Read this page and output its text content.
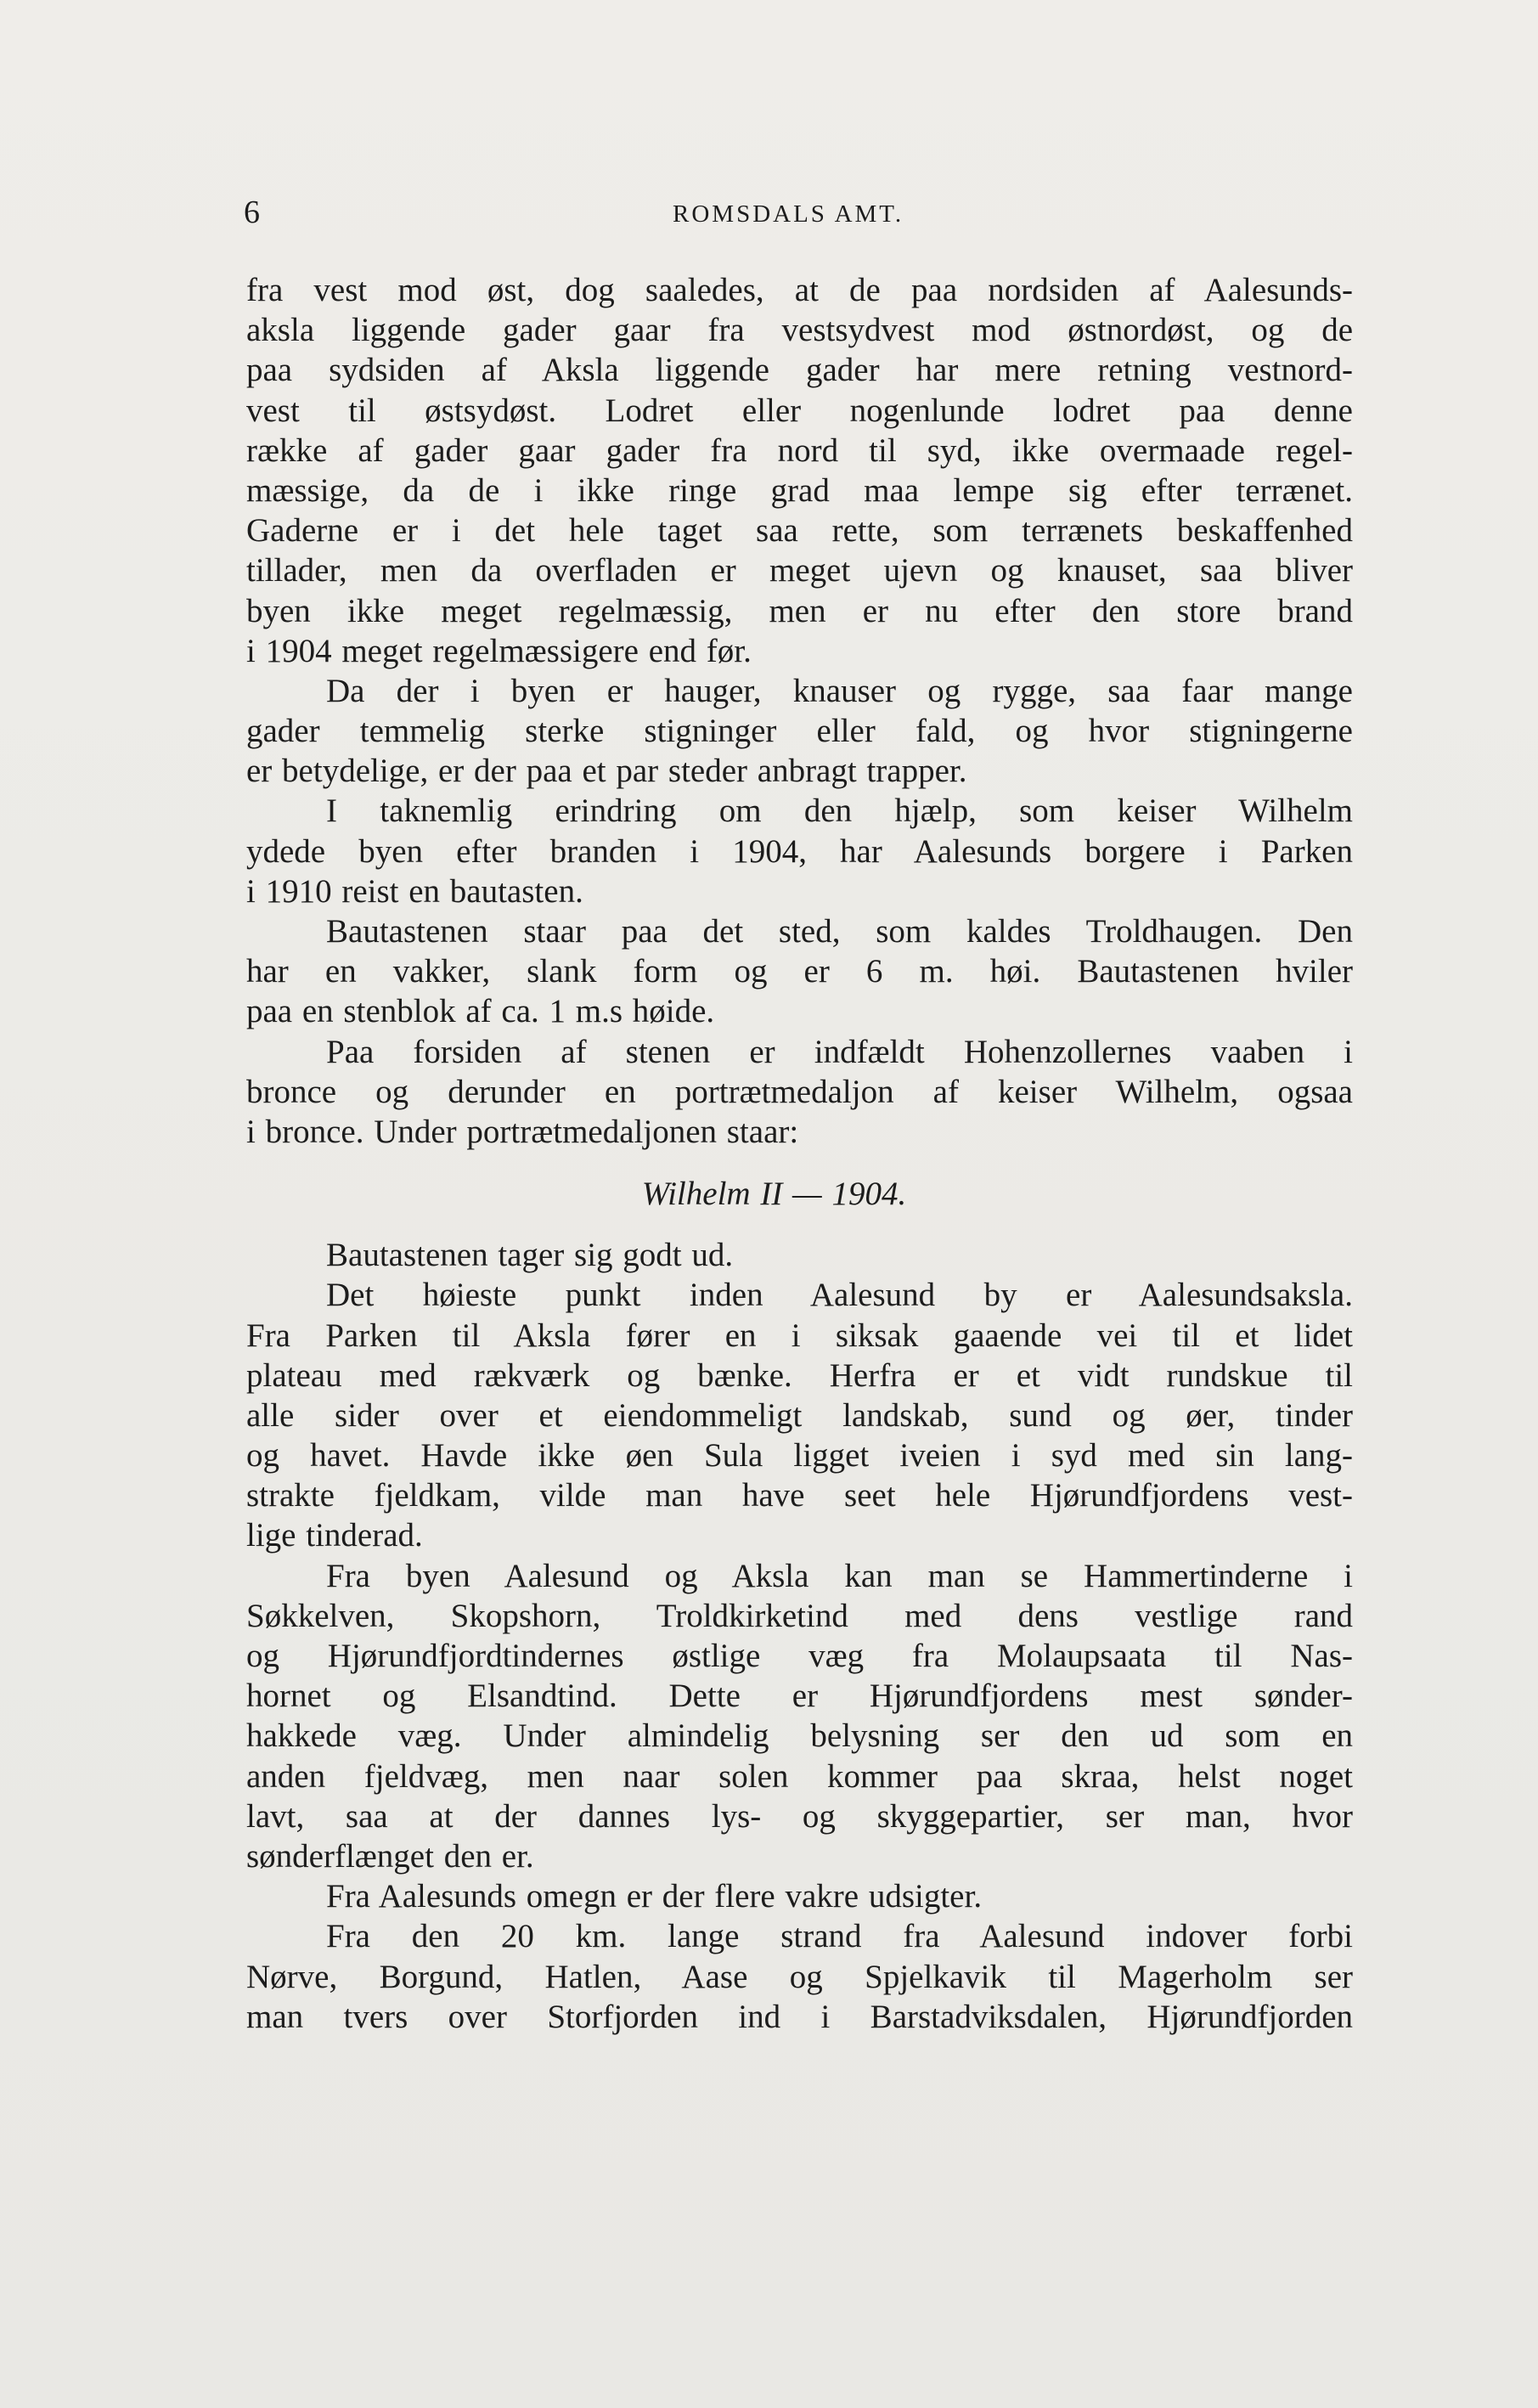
6	ROMSDALS AMT.
fra vest mod øst, dog saaledes, at de paa nordsiden af Aalesunds-
aksla liggende gader gaar fra vestsydvest mod østnordøst, og de
paa sydsiden af Aksla liggende gader har mere retning vestnord-
vest til østsydøst. Lodret eller nogenlunde lodret paa denne
række af gader gaar gader fra nord til syd, ikke overmaade regel-
mæssige, da de i ikke ringe grad maa lempe sig efter terrænet.
Gaderne er i det hele taget saa rette, som terrænets beskaffenhed
tillader, men da overfladen er meget ujevn og knauset, saa bliver
byen ikke meget regelmæssig, men er nu efter den store brand
i 1904 meget regelmæssigere end før.
Da der i byen er hauger, knauser og rygge, saa faar mange
gader temmelig sterke stigninger eller fald, og hvor stigningerne
er betydelige, er der paa et par steder anbragt trapper.
I taknemlig erindring om den hjælp, som keiser Wilhelm
ydede byen efter branden i 1904, har Aalesunds borgere i Parken
i 1910 reist en bautasten.
Bautastenen staar paa det sted, som kaldes Troldhaugen. Den
har en vakker, slank form og er 6 m. høi. Bautastenen hviler
paa en stenblok af ca. 1 m.s høide.
Paa forsiden af stenen er indfældt Hohenzollernes vaaben i
bronce og derunder en portrætmedaljon af keiser Wilhelm, ogsaa
i bronce. Under portrætmedaljonen staar:
Wilhelm II — 1904.
Bautastenen tager sig godt ud.
Det høieste punkt inden Aalesund by er Aalesundsaksla.
Fra Parken til Aksla fører en i siksak gaaende vei til et lidet
plateau med rækværk og bænke. Herfra er et vidt rundskue til
alle sider over et eiendommeligt landskab, sund og øer, tinder
og havet. Havde ikke øen Sula ligget iveien i syd med sin lang-
strakte fjeldkam, vilde man have seet hele Hjørundfjordens vest-
lige tinderad.
Fra byen Aalesund og Aksla kan man se Hammertinderne i
Søkkelven, Skopshorn, Troldkirketind med dens vestlige rand
og Hjørundfjordtindernes østlige væg fra Molaupsaata til Nas-
hornet og Elsandtind. Dette er Hjørundfjordens mest sønder-
hakkede væg. Under almindelig belysning ser den ud som en
anden fjeldvæg, men naar solen kommer paa skraa, helst noget
lavt, saa at der dannes lys- og skyggepartier, ser man, hvor
sønderflænget den er.
Fra Aalesunds omegn er der flere vakre udsigter.
Fra den 20 km. lange strand fra Aalesund indover forbi
Nørve, Borgund, Hatlen, Aase og Spjelkavik til Magerholm ser
man tvers over Storfjorden ind i Barstadviksdalen, Hjørundfjorden
